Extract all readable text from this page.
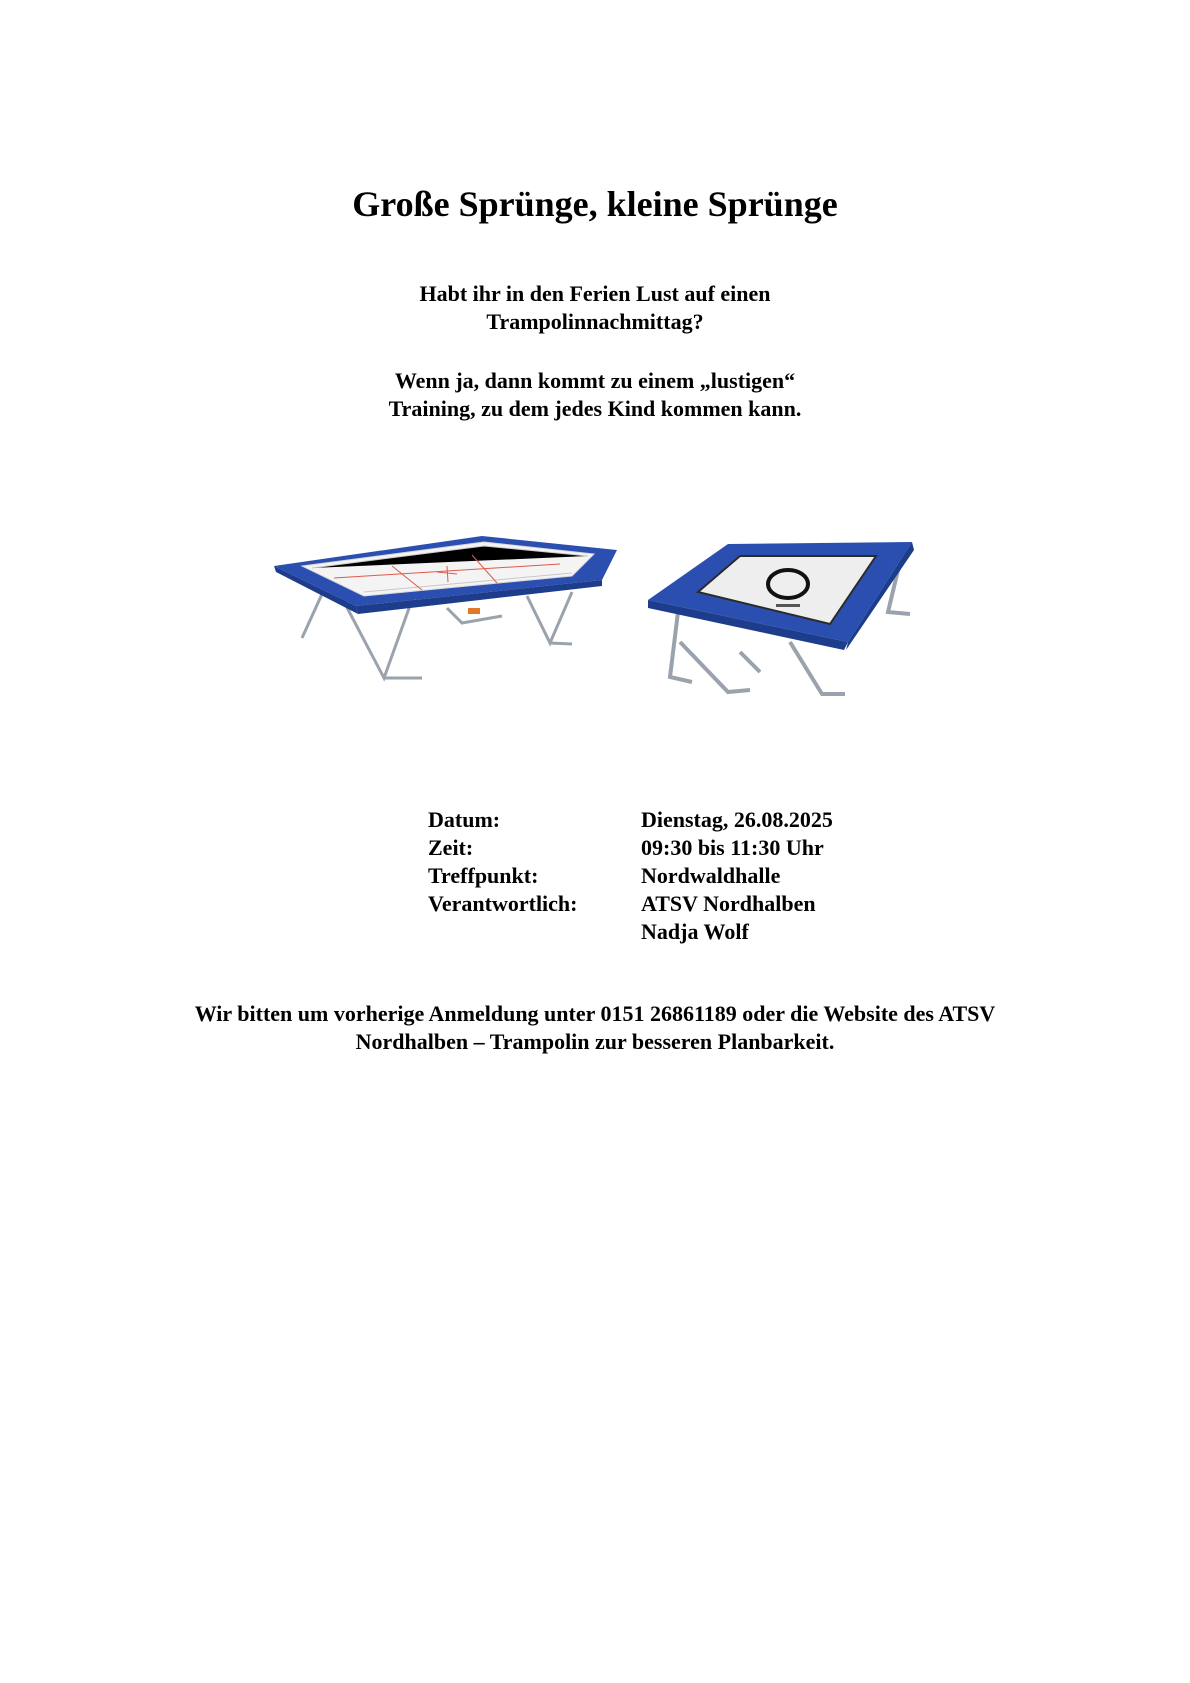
Große Sprünge, kleine Sprünge
Habt ihr in den Ferien Lust auf einen
Trampolinnachmittag?
Wenn ja, dann kommt zu einem „lustigen“
Training, zu dem jedes Kind kommen kann.
Datum:	Dienstag, 26.08.2025
Zeit:	09:30 bis 11:30 Uhr
Treffpunkt:	Nordwaldhalle
Verantwortlich:	ATSV Nordhalben
Nadja Wolf
Wir bitten um vorherige Anmeldung unter 0151 26861189 oder die Website des ATSV
Nordhalben – Trampolin zur besseren Planbarkeit.
